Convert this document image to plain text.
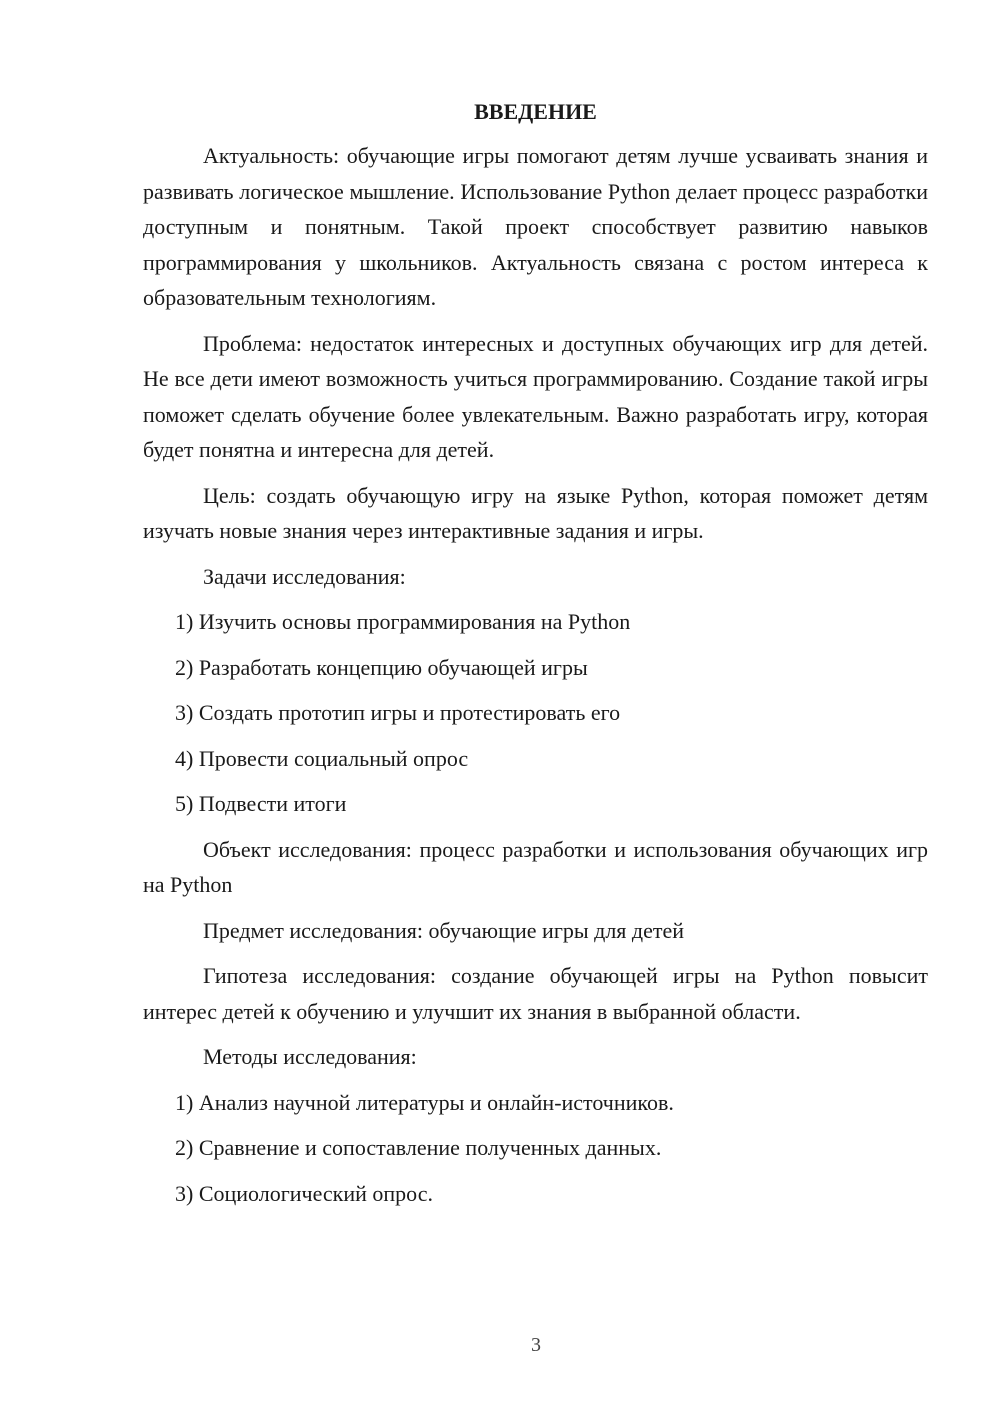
ВВЕДЕНИЕ

Актуальность: обучающие игры помогают детям лучше усваивать знания и развивать логическое мышление. Использование Python делает процесс разработки доступным и понятным. Такой проект способствует развитию навыков программирования у школьников. Актуальность связана с ростом интереса к образовательным технологиям.

Проблема: недостаток интересных и доступных обучающих игр для детей. Не все дети имеют возможность учиться программированию. Создание такой игры поможет сделать обучение более увлекательным. Важно разработать игру, которая будет понятна и интересна для детей.

Цель: создать обучающую игру на языке Python, которая поможет детям изучать новые знания через интерактивные задания и игры.

Задачи исследования:

1) Изучить основы программирования на Python
2) Разработать концепцию обучающей игры
3) Создать прототип игры и протестировать его
4) Провести социальный опрос
5) Подвести итоги

Объект исследования: процесс разработки и использования обучающих игр на Python

Предмет исследования: обучающие игры для детей

Гипотеза исследования: создание обучающей игры на Python повысит интерес детей к обучению и улучшит их знания в выбранной области.

Методы исследования:

1) Анализ научной литературы и онлайн-источников.
2) Сравнение и сопоставление полученных данных.
3) Социологический опрос.
3
